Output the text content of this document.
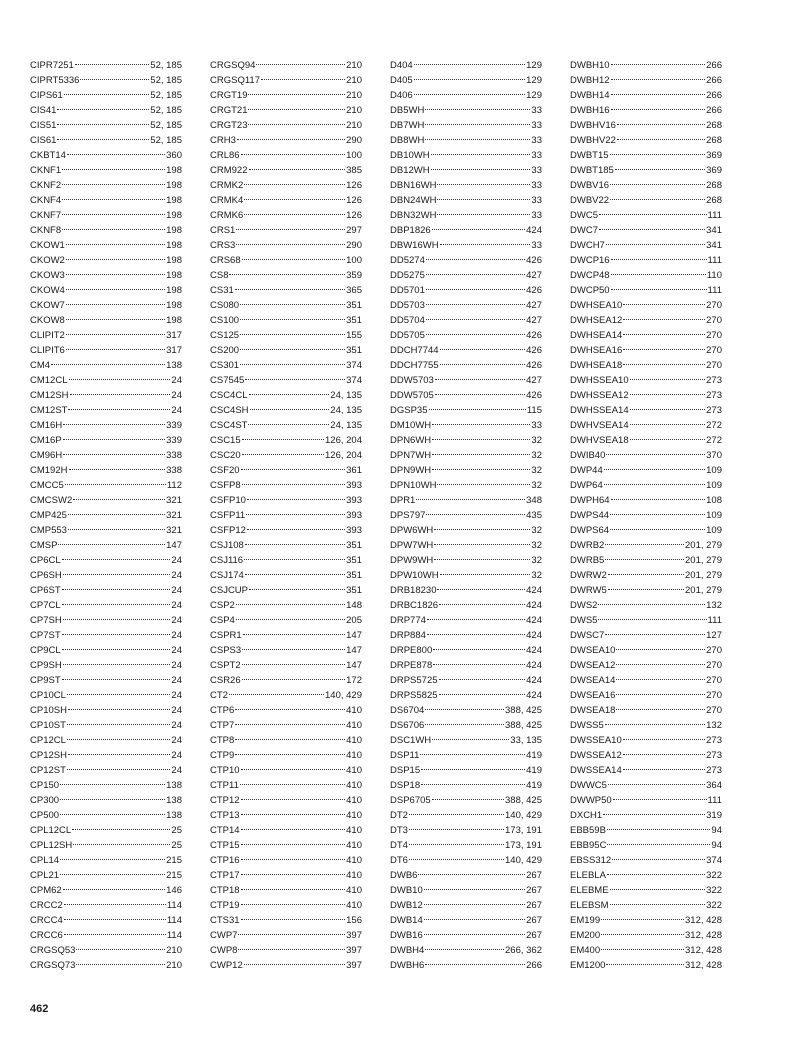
CIPR7251	52, 185
CIPRT5336	52, 185
CIPS61	52, 185
CIS41	52, 185
CIS51	52, 185
CIS61	52, 185
CKBT14	360
CKNF1	198
CKNF2	198
CKNF4	198
CKNF7	198
CKNF8	198
CKOW1	198
CKOW2	198
CKOW3	198
CKOW4	198
CKOW7	198
CKOW8	198
CLIPIT2	317
CLIPIT6	317
CM4	138
CM12CL	24
CM12SH	24
CM12ST	24
CM16H	339
CM16P	339
CM96H	338
CM192H	338
CMCC5	112
CMCSW2	321
CMP425	321
CMP553	321
CMSP	147
CP6CL	24
CP6SH	24
CP6ST	24
CP7CL	24
CP7SH	24
CP7ST	24
CP9CL	24
CP9SH	24
CP9ST	24
CP10CL	24
CP10SH	24
CP10ST	24
CP12CL	24
CP12SH	24
CP12ST	24
CP150	138
CP300	138
CP500	138
CPL12CL	25
CPL12SH	25
CPL14	215
CPL21	215
CPM62	146
CRCC2	114
CRCC4	114
CRCC6	114
CRGSQ53	210
CRGSQ73	210
CRGSQ94	210
CRGSQ117	210
CRGT19	210
CRGT21	210
CRGT23	210
CRH3	290
CRL86	100
CRM922	385
CRMK2	126
CRMK4	126
CRMK6	126
CRS1	297
CRS3	290
CRS68	100
CS8	359
CS31	365
CS080	351
CS100	351
CS125	155
CS200	351
CS301	374
CS7545	374
CSC4CL	24, 135
CSC4SH	24, 135
CSC4ST	24, 135
CSC15	126, 204
CSC20	126, 204
CSF20	361
CSFP8	393
CSFP10	393
CSFP11	393
CSFP12	393
CSJ108	351
CSJ116	351
CSJ174	351
CSJCUP	351
CSP2	148
CSP4	205
CSPR1	147
CSPS3	147
CSPT2	147
CSR26	172
CT2	140, 429
CTP6	410
CTP7	410
CTP8	410
CTP9	410
CTP10	410
CTP11	410
CTP12	410
CTP13	410
CTP14	410
CTP15	410
CTP16	410
CTP17	410
CTP18	410
CTP19	410
CTS31	156
CWP7	397
CWP8	397
CWP12	397
D404	129
D405	129
D406	129
DB5WH	33
DB7WH	33
DB8WH	33
DB10WH	33
DB12WH	33
DBN16WH	33
DBN24WH	33
DBN32WH	33
DBP1826	424
DBW16WH	33
DD5274	426
DD5275	427
DD5701	426
DD5703	427
DD5704	427
DD5705	426
DDCH7744	426
DDCH7755	426
DDW5703	427
DDW5705	426
DGSP35	115
DM10WH	33
DPN6WH	32
DPN7WH	32
DPN9WH	32
DPN10WH	32
DPR1	348
DPS797	435
DPW6WH	32
DPW7WH	32
DPW9WH	32
DPW10WH	32
DRB18230	424
DRBC1826	424
DRP774	424
DRP884	424
DRPE800	424
DRPE878	424
DRPS5725	424
DRPS5825	424
DS6704	388, 425
DS6706	388, 425
DSC1WH	33, 135
DSP11	419
DSP15	419
DSP18	419
DSP6705	388, 425
DT2	140, 429
DT3	173, 191
DT4	173, 191
DT6	140, 429
DWB6	267
DWB10	267
DWB12	267
DWB14	267
DWB16	267
DWBH4	266, 362
DWBH6	266
DWBH10	266
DWBH12	266
DWBH14	266
DWBH16	266
DWBHV16	268
DWBHV22	268
DWBT15	369
DWBT185	369
DWBV16	268
DWBV22	268
DWC5	111
DWC7	341
DWCH7	341
DWCP16	111
DWCP48	110
DWCP50	111
DWHSEA10	270
DWHSEA12	270
DWHSEA14	270
DWHSEA16	270
DWHSEA18	270
DWHSSEA10	273
DWHSSEA12	273
DWHSSEA14	273
DWHVSEA14	272
DWHVSEA18	272
DWIB40	370
DWP44	109
DWP64	109
DWPH64	108
DWPS44	109
DWPS64	109
DWRB2	201, 279
DWRB5	201, 279
DWRW2	201, 279
DWRW5	201, 279
DWS2	132
DWS5	111
DWSC7	127
DWSEA10	270
DWSEA12	270
DWSEA14	270
DWSEA16	270
DWSEA18	270
DWSS5	132
DWSSEA10	273
DWSSEA12	273
DWSSEA14	273
DWWC5	364
DWWP50	111
DXCH1	319
EBB59B	94
EBB95C	94
EBSS312	374
ELEBLA	322
ELEBME	322
ELEBSM	322
EM199	312, 428
EM200	312, 428
EM400	312, 428
EM1200	312, 428
462
